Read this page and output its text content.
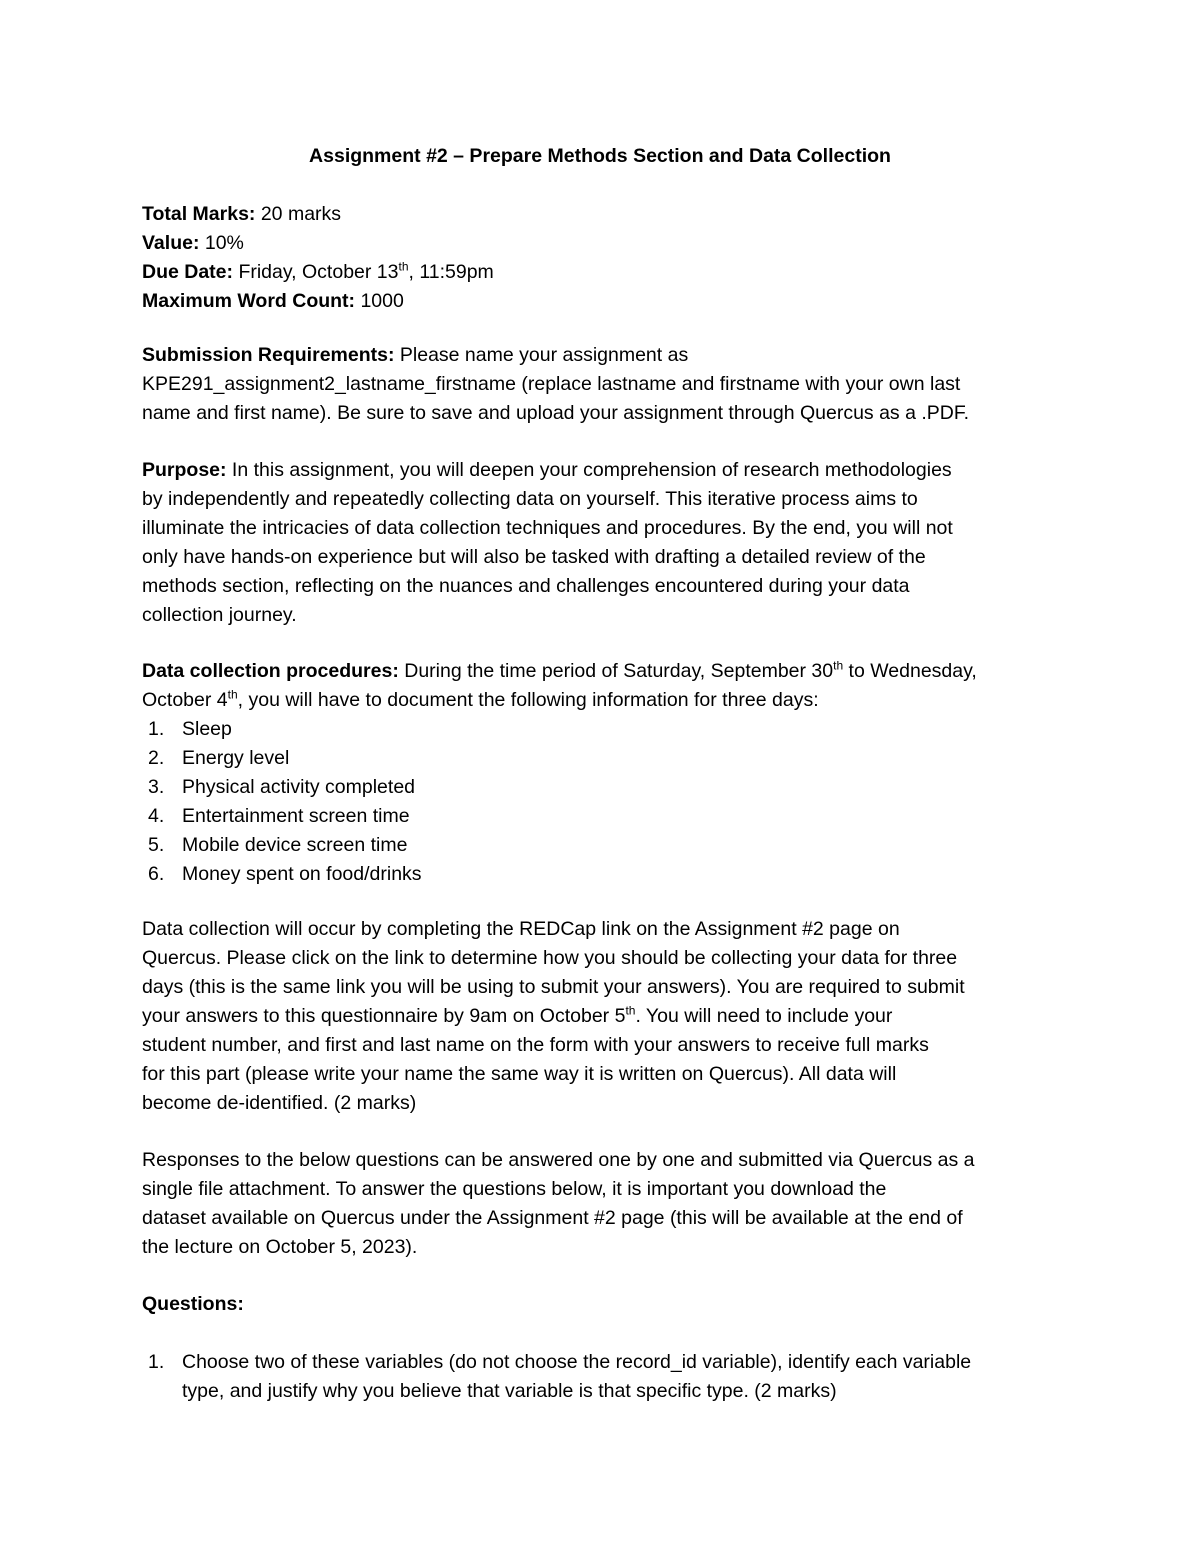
Assignment #2 – Prepare Methods Section and Data Collection
Total Marks: 20 marks
Value: 10%
Due Date: Friday, October 13th, 11:59pm
Maximum Word Count: 1000
Submission Requirements: Please name your assignment as
KPE291_assignment2_lastname_firstname (replace lastname and firstname with your own last
name and first name). Be sure to save and upload your assignment through Quercus as a .PDF.
Purpose: In this assignment, you will deepen your comprehension of research methodologies
by independently and repeatedly collecting data on yourself. This iterative process aims to
illuminate the intricacies of data collection techniques and procedures. By the end, you will not
only have hands-on experience but will also be tasked with drafting a detailed review of the
methods section, reflecting on the nuances and challenges encountered during your data
collection journey.
Data collection procedures: During the time period of Saturday, September 30th to Wednesday,
October 4th, you will have to document the following information for three days:
1. Sleep
2. Energy level
3. Physical activity completed
4. Entertainment screen time
5. Mobile device screen time
6. Money spent on food/drinks
Data collection will occur by completing the REDCap link on the Assignment #2 page on
Quercus. Please click on the link to determine how you should be collecting your data for three
days (this is the same link you will be using to submit your answers). You are required to submit
your answers to this questionnaire by 9am on October 5th. You will need to include your
student number, and first and last name on the form with your answers to receive full marks
for this part (please write your name the same way it is written on Quercus). All data will
become de-identified. (2 marks)
Responses to the below questions can be answered one by one and submitted via Quercus as a
single file attachment. To answer the questions below, it is important you download the
dataset available on Quercus under the Assignment #2 page (this will be available at the end of
the lecture on October 5, 2023).
Questions:
1. Choose two of these variables (do not choose the record_id variable), identify each variable
type, and justify why you believe that variable is that specific type. (2 marks)
